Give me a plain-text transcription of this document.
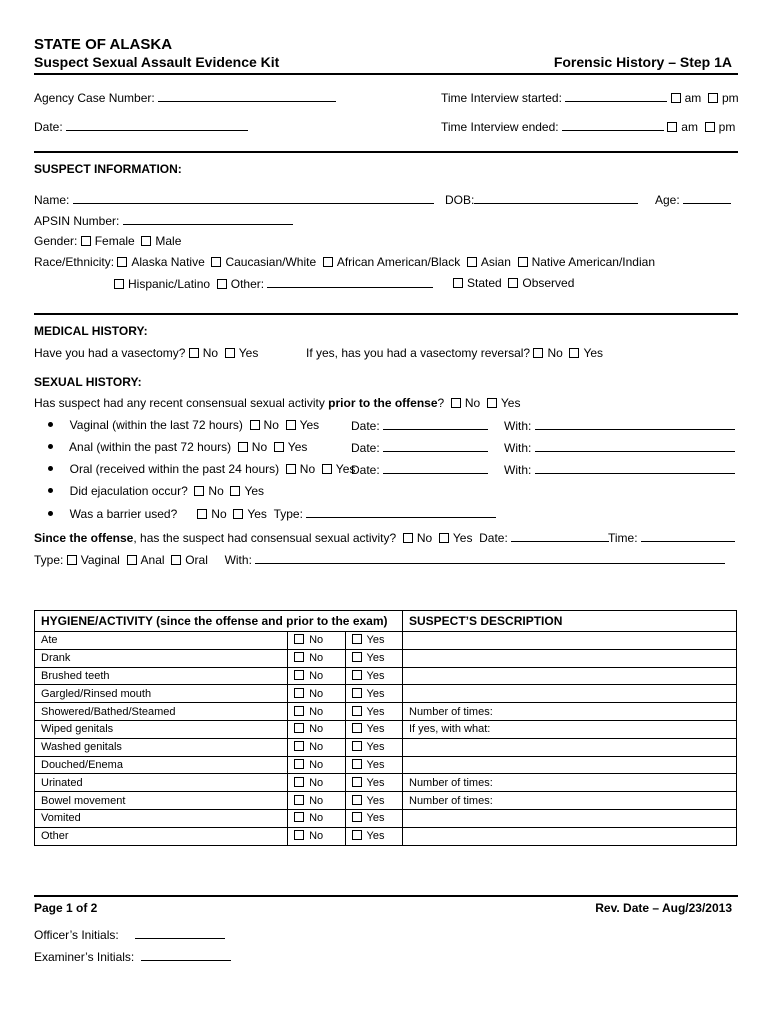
STATE OF ALASKA
Suspect Sexual Assault Evidence Kit	Forensic History – Step 1A
Agency Case Number:	Time Interview started:	am pm
Date:	Time Interview ended:	am pm
SUSPECT INFORMATION:
Name:	DOB:	Age:
APSIN Number:
Gender: Female Male
Race/Ethnicity: Alaska Native Caucasian/White African American/Black Asian Native American/Indian
Hispanic/Latino Other:	Stated Observed
MEDICAL HISTORY:
Have you had a vasectomy? No Yes	If yes, has you had a vasectomy reversal? No Yes
SEXUAL HISTORY:
Has suspect had any recent consensual sexual activity prior to the offense? No Yes
Vaginal (within the last 72 hours) No Yes	Date:	With:
Anal (within the past 72 hours) No Yes	Date:	With:
Oral (received within the past 24 hours) No Yes
Date:	With:
Did ejaculation occur? No Yes
Was a barrier used?	No Yes Type:
Since the offense, has the suspect had consensual sexual activity? No Yes Date:	Time:
Type: Vaginal Anal Oral With:
HYGIENE/ACTIVITY (since the offense and prior to the exam)			SUSPECT’S DESCRIPTION
Ate	No	Yes	
Drank	No	Yes	
Brushed teeth	No	Yes	
Gargled/Rinsed mouth	No	Yes	
Showered/Bathed/Steamed	No	Yes	Number of times:
Wiped genitals	No	Yes	If yes, with what:
Washed genitals	No	Yes	
Douched/Enema	No	Yes	
Urinated	No	Yes	Number of times:
Bowel movement	No	Yes	Number of times:
Vomited	No	Yes	
Other	No	Yes	
Page 1 of 2	Rev. Date – Aug/23/2013
Officer’s Initials:
Examiner’s Initials:
